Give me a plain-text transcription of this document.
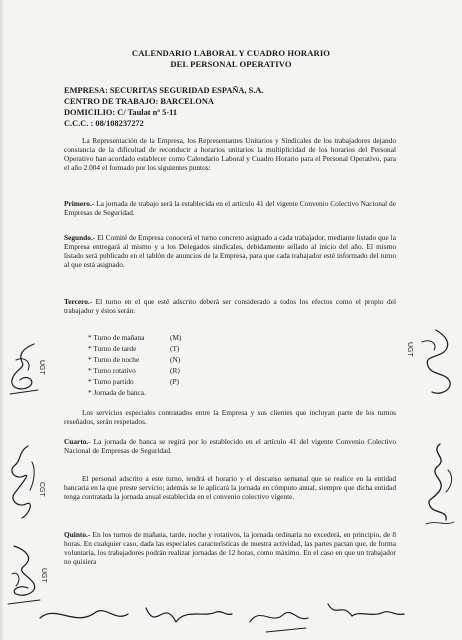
CALENDARIO LABORAL Y CUADRO HORARIO
DEL PERSONAL OPERATIVO
EMPRESA: SECURITAS SEGURIDAD ESPAÑA, S.A.
CENTRO DE TRABAJO: BARCELONA
DOMICILIO: C/ Taulat nº 5-11
C.C.C. : 08/108237272
La Representación de la Empresa, los Representantes Unitarios y Sindicales de los trabajadores dejando constancia de la dificultad de reconducir a horarios unitarios la multiplicidad de los horarios del Personal Operativo han acordado establecer como Calendario Laboral y Cuadro Horario para el Personal Operativo, para el año 2.004 el formado por los siguientes puntos:
Primero.- La jornada de trabajo será la establecida en el artículo 41 del vigente Convenio Colectivo Nacional de Empresas de Seguridad.
Segundo.- El Comité de Empresa conocerá el turno concreto asignado a cada trabajador, mediante listado que la Empresa entregará al mismo y a los Delegados sindicales, debidamente sellado al inicio del año. El mismo listado será publicado en el tablón de anuncios de la Empresa, para que cada trabajador esté informado del turno al que está asignado.
Tercero.- El turno en el que esté adscrito deberá ser considerado a todos los efectos como el propio del trabajador y éstos serán:
* Turno de mañana	(M)
* Turno de tarde	(T)
* Turno de noche	(N)
* Turno rotativo	(R)
* Turno partido	(P)
* Jornada de banca.
Los servicios especiales contratados entre la Empresa y sus clientes que incluyan parte de los turnos reseñados, serán respetados.
Cuarto.- La jornada de banca se regirá por lo establecido en el artículo 41 del vigente Convenio Colectivo Nacional de Empresas de Seguridad.
El personal adscrito a este turno, tendrá el horario y el descanso semanal que se realice en la entidad bancaria en la que preste servicio; además se le aplicará la jornada en cómputo anual, siempre que dicha entidad tenga contratada la jornada anual establecida en el convenio colectivo vigente.
Quinto.- En los turnos de mañana, tarde, noche y rotativos, la jornada ordinaria no excederá, en principio, de 8 horas. En cualquier caso, dada las especiales características de nuestra actividad, las partes pactan que, de forma voluntaria, los trabajadores podrán realizar jornadas de 12 horas, como máximo. En el caso en que un trabajador no quisiera
UGT
CGT
UGT
UGT
